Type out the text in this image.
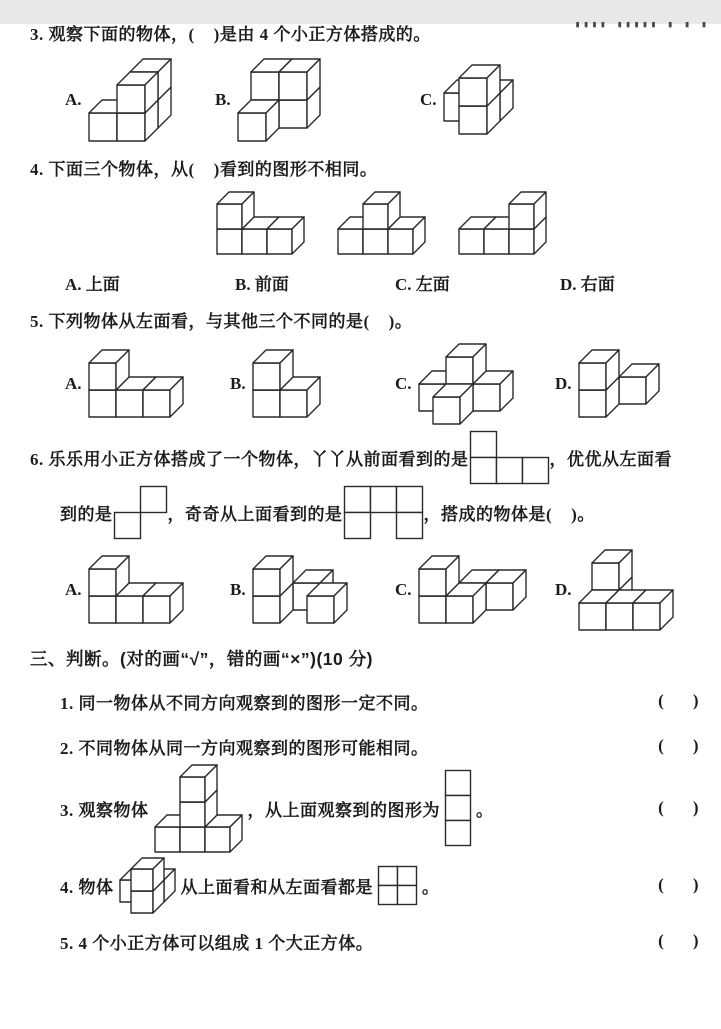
▖▖▖▖ ▖▖▖▖▖ ▖ ▖ ▖

3. 观察下面的物体，(    )是由 4 个小正方体搭成的。

A.	B.	C.

4. 下面三个物体，从(    )看到的图形不相同。

A. 上面	B. 前面	C. 左面	D. 右面

5. 下列物体从左面看，与其他三个不同的是(    )。

A.	B.	C.	D.
6. 乐乐用小正方体搭成了一个物体，丫丫从前面看到的是	，优优从左面看
到的是	，奇奇从上面看到的是	，搭成的物体是(    )。
A.	B.	C.	D.

三、判断。(对的画“√”，错的画“×”)(10 分)

1. 同一物体从不同方向观察到的图形一定不同。	(      )
2. 不同物体从同一方向观察到的图形可能相同。	(      )
3. 观察物体	，从上面观察到的图形为 。	(      )
4. 物体	从上面看和从左面看都是	。	(      )
5. 4 个小正方体可以组成 1 个大正方体。	(      )
